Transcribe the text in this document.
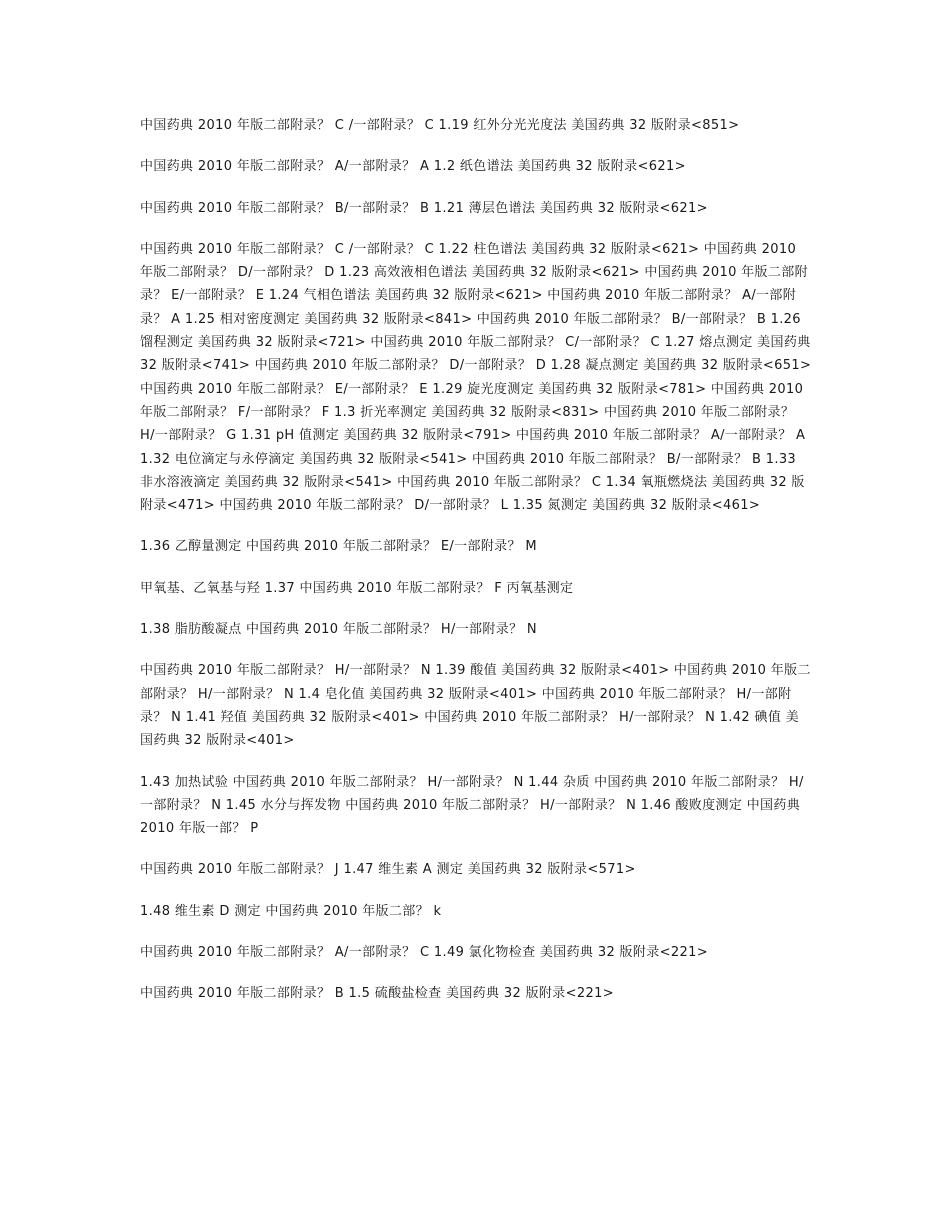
中国药典 2010 年版二部附录？ C /一部附录？ C 1.19 红外分光光度法 美国药典 32 版附录<851>

中国药典 2010 年版二部附录？ A/一部附录？ A 1.2 纸色谱法 美国药典 32 版附录<621>

中国药典 2010 年版二部附录？ B/一部附录？ B 1.21 薄层色谱法 美国药典 32 版附录<621>

中国药典 2010 年版二部附录？ C /一部附录？ C 1.22 柱色谱法 美国药典 32 版附录<621> 中国药典 2010 年版二部附录？ D/一部附录？ D 1.23 高效液相色谱法 美国药典 32 版附录<621> 中国药典 2010 年版二部附录？ E/一部附录？ E 1.24 气相色谱法 美国药典 32 版附录<621> 中国药典 2010 年版二部附录？ A/一部附录？ A 1.25 相对密度测定 美国药典 32 版附录<841> 中国药典 2010 年版二部附录？ B/一部附录？ B 1.26 馏程测定 美国药典 32 版附录<721> 中国药典 2010 年版二部附录？ C/一部附录？ C 1.27 熔点测定 美国药典 32 版附录<741> 中国药典 2010 年版二部附录？ D/一部附录？ D 1.28 凝点测定 美国药典 32 版附录<651> 中国药典 2010 年版二部附录？ E/一部附录？ E 1.29 旋光度测定 美国药典 32 版附录<781> 中国药典 2010 年版二部附录？ F/一部附录？ F 1.3 折光率测定 美国药典 32 版附录<831> 中国药典 2010 年版二部附录？ H/一部附录？ G 1.31 pH 值测定 美国药典 32 版附录<791> 中国药典 2010 年版二部附录？ A/一部附录？ A 1.32 电位滴定与永停滴定 美国药典 32 版附录<541> 中国药典 2010 年版二部附录？ B/一部附录？ B 1.33 非水溶液滴定 美国药典 32 版附录<541> 中国药典 2010 年版二部附录？ C 1.34 氧瓶燃烧法 美国药典 32 版附录<471> 中国药典 2010 年版二部附录？ D/一部附录？ L 1.35 氮测定 美国药典 32 版附录<461>

1.36 乙醇量测定 中国药典 2010 年版二部附录？ E/一部附录？ M

甲氧基、乙氧基与羟 1.37 中国药典 2010 年版二部附录？ F 丙氧基测定

1.38 脂肪酸凝点 中国药典 2010 年版二部附录？ H/一部附录？ N

中国药典 2010 年版二部附录？ H/一部附录？ N 1.39 酸值 美国药典 32 版附录<401> 中国药典 2010 年版二部附录？ H/一部附录？ N 1.4 皂化值 美国药典 32 版附录<401> 中国药典 2010 年版二部附录？ H/一部附录？ N 1.41 羟值 美国药典 32 版附录<401> 中国药典 2010 年版二部附录？ H/一部附录？ N 1.42 碘值 美国药典 32 版附录<401>

1.43 加热试验 中国药典 2010 年版二部附录？ H/一部附录？ N 1.44 杂质 中国药典 2010 年版二部附录？ H/一部附录？ N 1.45 水分与挥发物 中国药典 2010 年版二部附录？ H/一部附录？ N 1.46 酸败度测定 中国药典 2010 年版一部？ P

中国药典 2010 年版二部附录？ J 1.47 维生素 A 测定 美国药典 32 版附录<571>

1.48 维生素 D 测定 中国药典 2010 年版二部？ k

中国药典 2010 年版二部附录？ A/一部附录？ C 1.49 氯化物检查 美国药典 32 版附录<221>

中国药典 2010 年版二部附录？ B 1.5 硫酸盐检查 美国药典 32 版附录<221>
